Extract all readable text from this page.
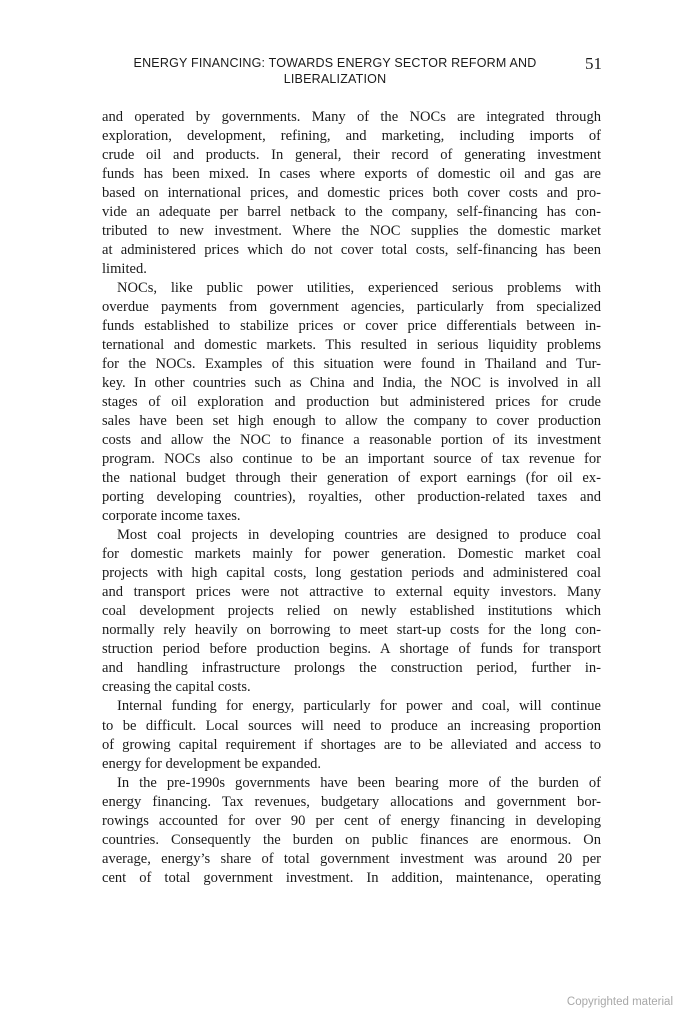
ENERGY FINANCING: TOWARDS ENERGY SECTOR REFORM AND
LIBERALIZATION
51
and operated by governments. Many of the NOCs are integrated through
exploration, development, refining, and marketing, including imports of
crude oil and products. In general, their record of generating investment
funds has been mixed. In cases where exports of domestic oil and gas are
based on international prices, and domestic prices both cover costs and pro-
vide an adequate per barrel netback to the company, self-financing has con-
tributed to new investment. Where the NOC supplies the domestic market
at administered prices which do not cover total costs, self-financing has been
limited.
NOCs, like public power utilities, experienced serious problems with
overdue payments from government agencies, particularly from specialized
funds established to stabilize prices or cover price differentials between in-
ternational and domestic markets. This resulted in serious liquidity problems
for the NOCs. Examples of this situation were found in Thailand and Tur-
key. In other countries such as China and India, the NOC is involved in all
stages of oil exploration and production but administered prices for crude
sales have been set high enough to allow the company to cover production
costs and allow the NOC to finance a reasonable portion of its investment
program. NOCs also continue to be an important source of tax revenue for
the national budget through their generation of export earnings (for oil ex-
porting developing countries), royalties, other production-related taxes and
corporate income taxes.
Most coal projects in developing countries are designed to produce coal
for domestic markets mainly for power generation. Domestic market coal
projects with high capital costs, long gestation periods and administered coal
and transport prices were not attractive to external equity investors. Many
coal development projects relied on newly established institutions which
normally rely heavily on borrowing to meet start-up costs for the long con-
struction period before production begins. A shortage of funds for transport
and handling infrastructure prolongs the construction period, further in-
creasing the capital costs.
Internal funding for energy, particularly for power and coal, will continue
to be difficult. Local sources will need to produce an increasing proportion
of growing capital requirement if shortages are to be alleviated and access to
energy for development be expanded.
In the pre-1990s governments have been bearing more of the burden of
energy financing. Tax revenues, budgetary allocations and government bor-
rowings accounted for over 90 per cent of energy financing in developing
countries. Consequently the burden on public finances are enormous. On
average, energy’s share of total government investment was around 20 per
cent of total government investment. In addition, maintenance, operating
Copyrighted material
